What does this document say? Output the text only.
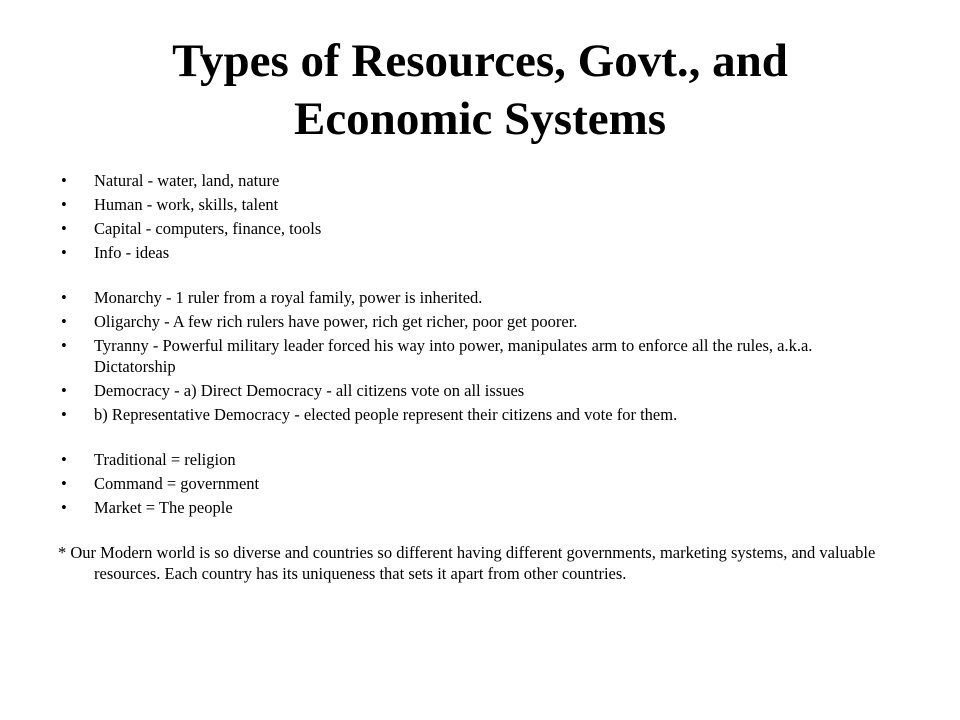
Types of Resources, Govt., and
Economic Systems
• Natural - water, land, nature
• Human - work, skills, talent
• Capital - computers, finance, tools
• Info - ideas
• Monarchy - 1 ruler from a royal family, power is inherited.
• Oligarchy - A few rich rulers have power, rich get richer, poor get poorer.
• Tyranny - Powerful military leader forced his way into power, manipulates arm to enforce all the rules, a.k.a. Dictatorship
• Democracy - a) Direct Democracy - all citizens vote on all issues
• b) Representative Democracy - elected people represent their citizens and vote for them.
• Traditional = religion
• Command = government
• Market = The people
* Our Modern world is so diverse and countries so different having different governments, marketing systems, and valuable resources. Each country has its uniqueness that sets it apart from other countries.
